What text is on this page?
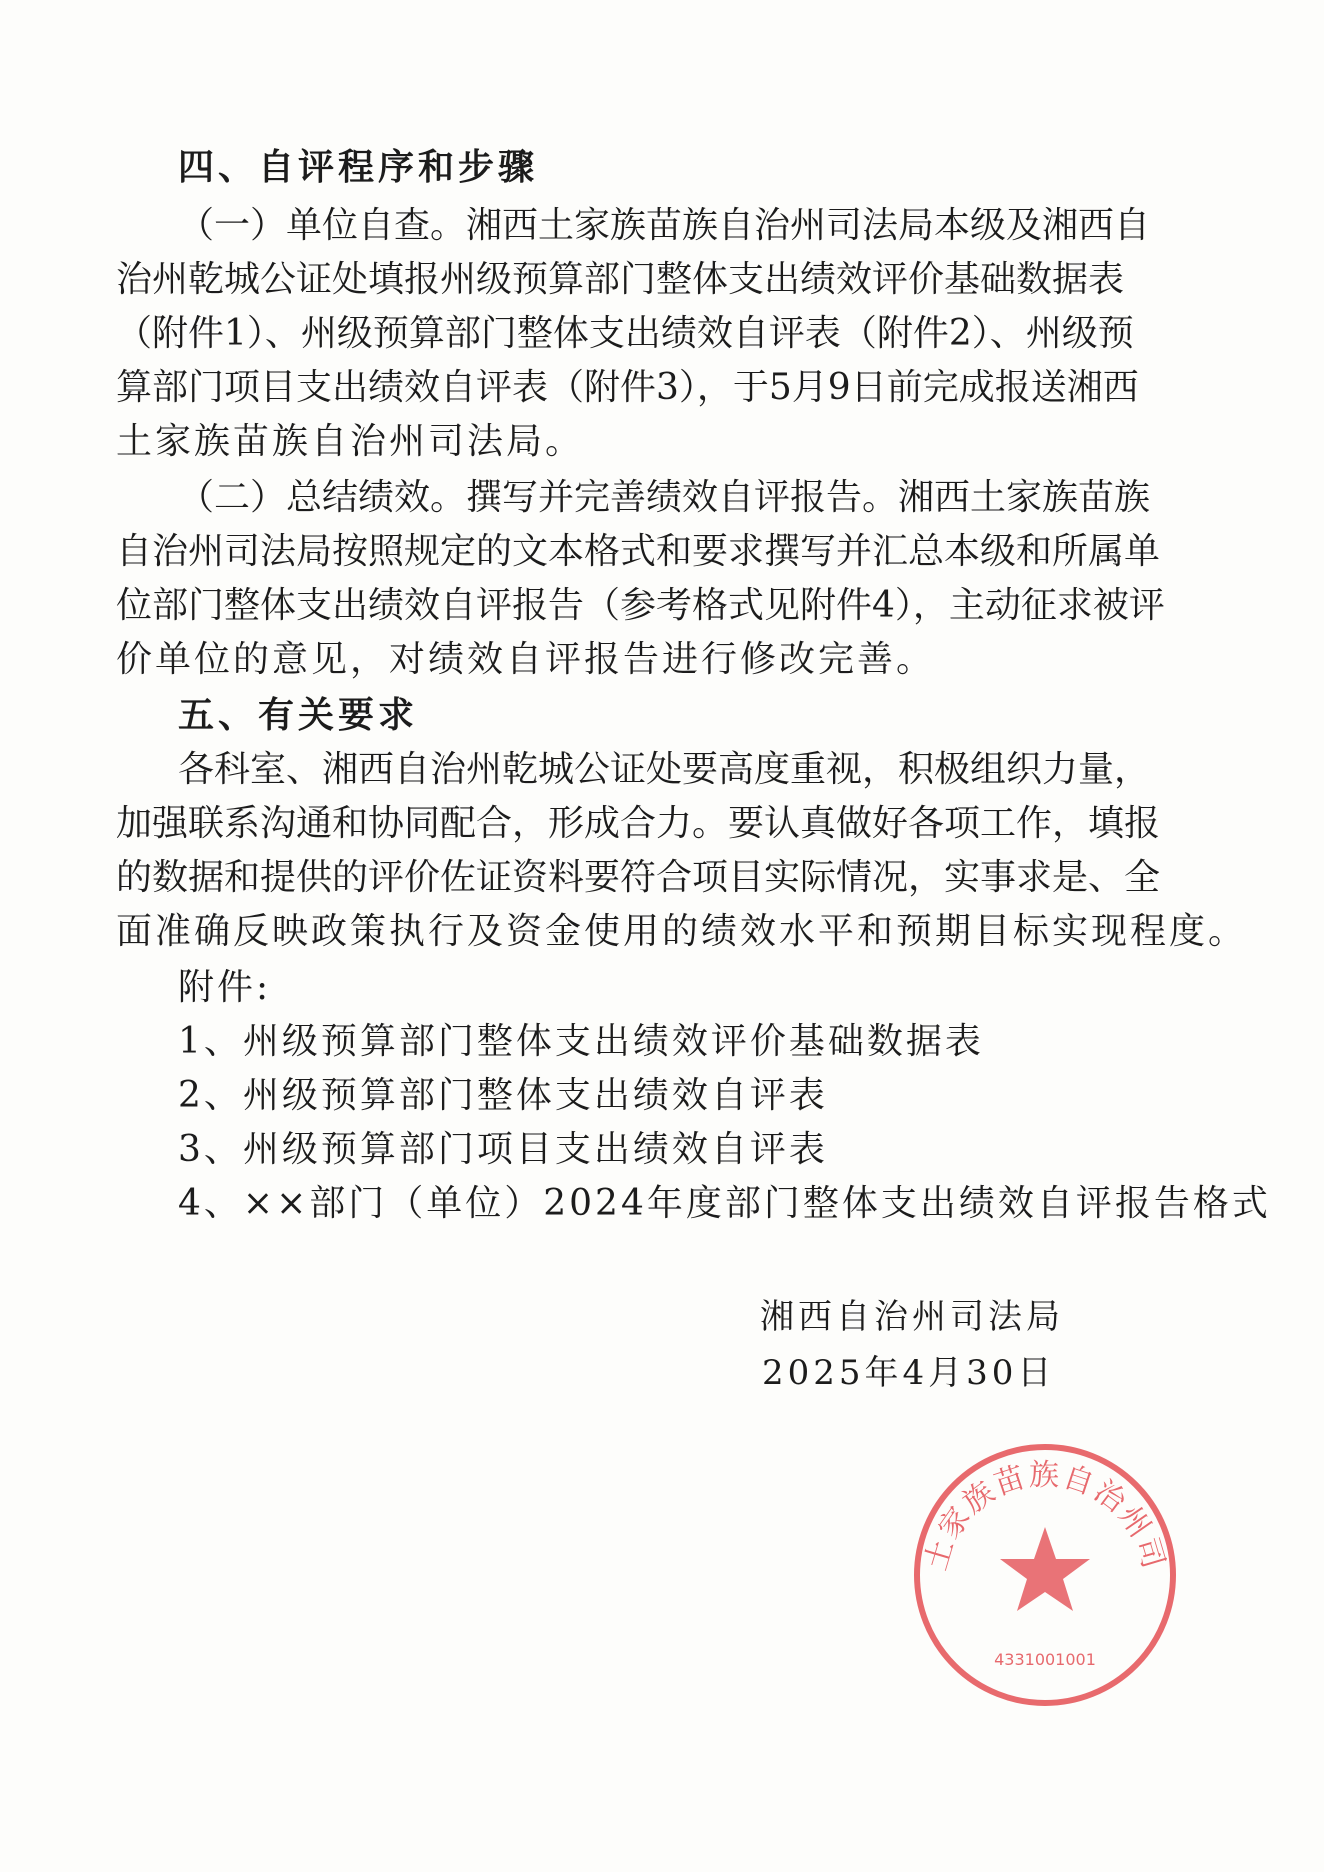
四、自评程序和步骤
（一）单位自查。湘西土家族苗族自治州司法局本级及湘西自
治州乾城公证处填报州级预算部门整体支出绩效评价基础数据表
（附件1）、州级预算部门整体支出绩效自评表（附件2）、州级预
算部门项目支出绩效自评表（附件3），于5月9日前完成报送湘西
土家族苗族自治州司法局。
（二）总结绩效。撰写并完善绩效自评报告。湘西土家族苗族
自治州司法局按照规定的文本格式和要求撰写并汇总本级和所属单
位部门整体支出绩效自评报告（参考格式见附件4），主动征求被评
价单位的意见，对绩效自评报告进行修改完善。
五、有关要求
各科室、湘西自治州乾城公证处要高度重视，积极组织力量，
加强联系沟通和协同配合，形成合力。要认真做好各项工作，填报
的数据和提供的评价佐证资料要符合项目实际情况，实事求是、全
面准确反映政策执行及资金使用的绩效水平和预期目标实现程度。
附件:
1、州级预算部门整体支出绩效评价基础数据表
2、州级预算部门整体支出绩效自评表
3、州级预算部门项目支出绩效自评表
4、××部门（单位）2024年度部门整体支出绩效自评报告格式
土家族苗族自治州司
4331001001
湘西自治州司法局
2025年4月30日
